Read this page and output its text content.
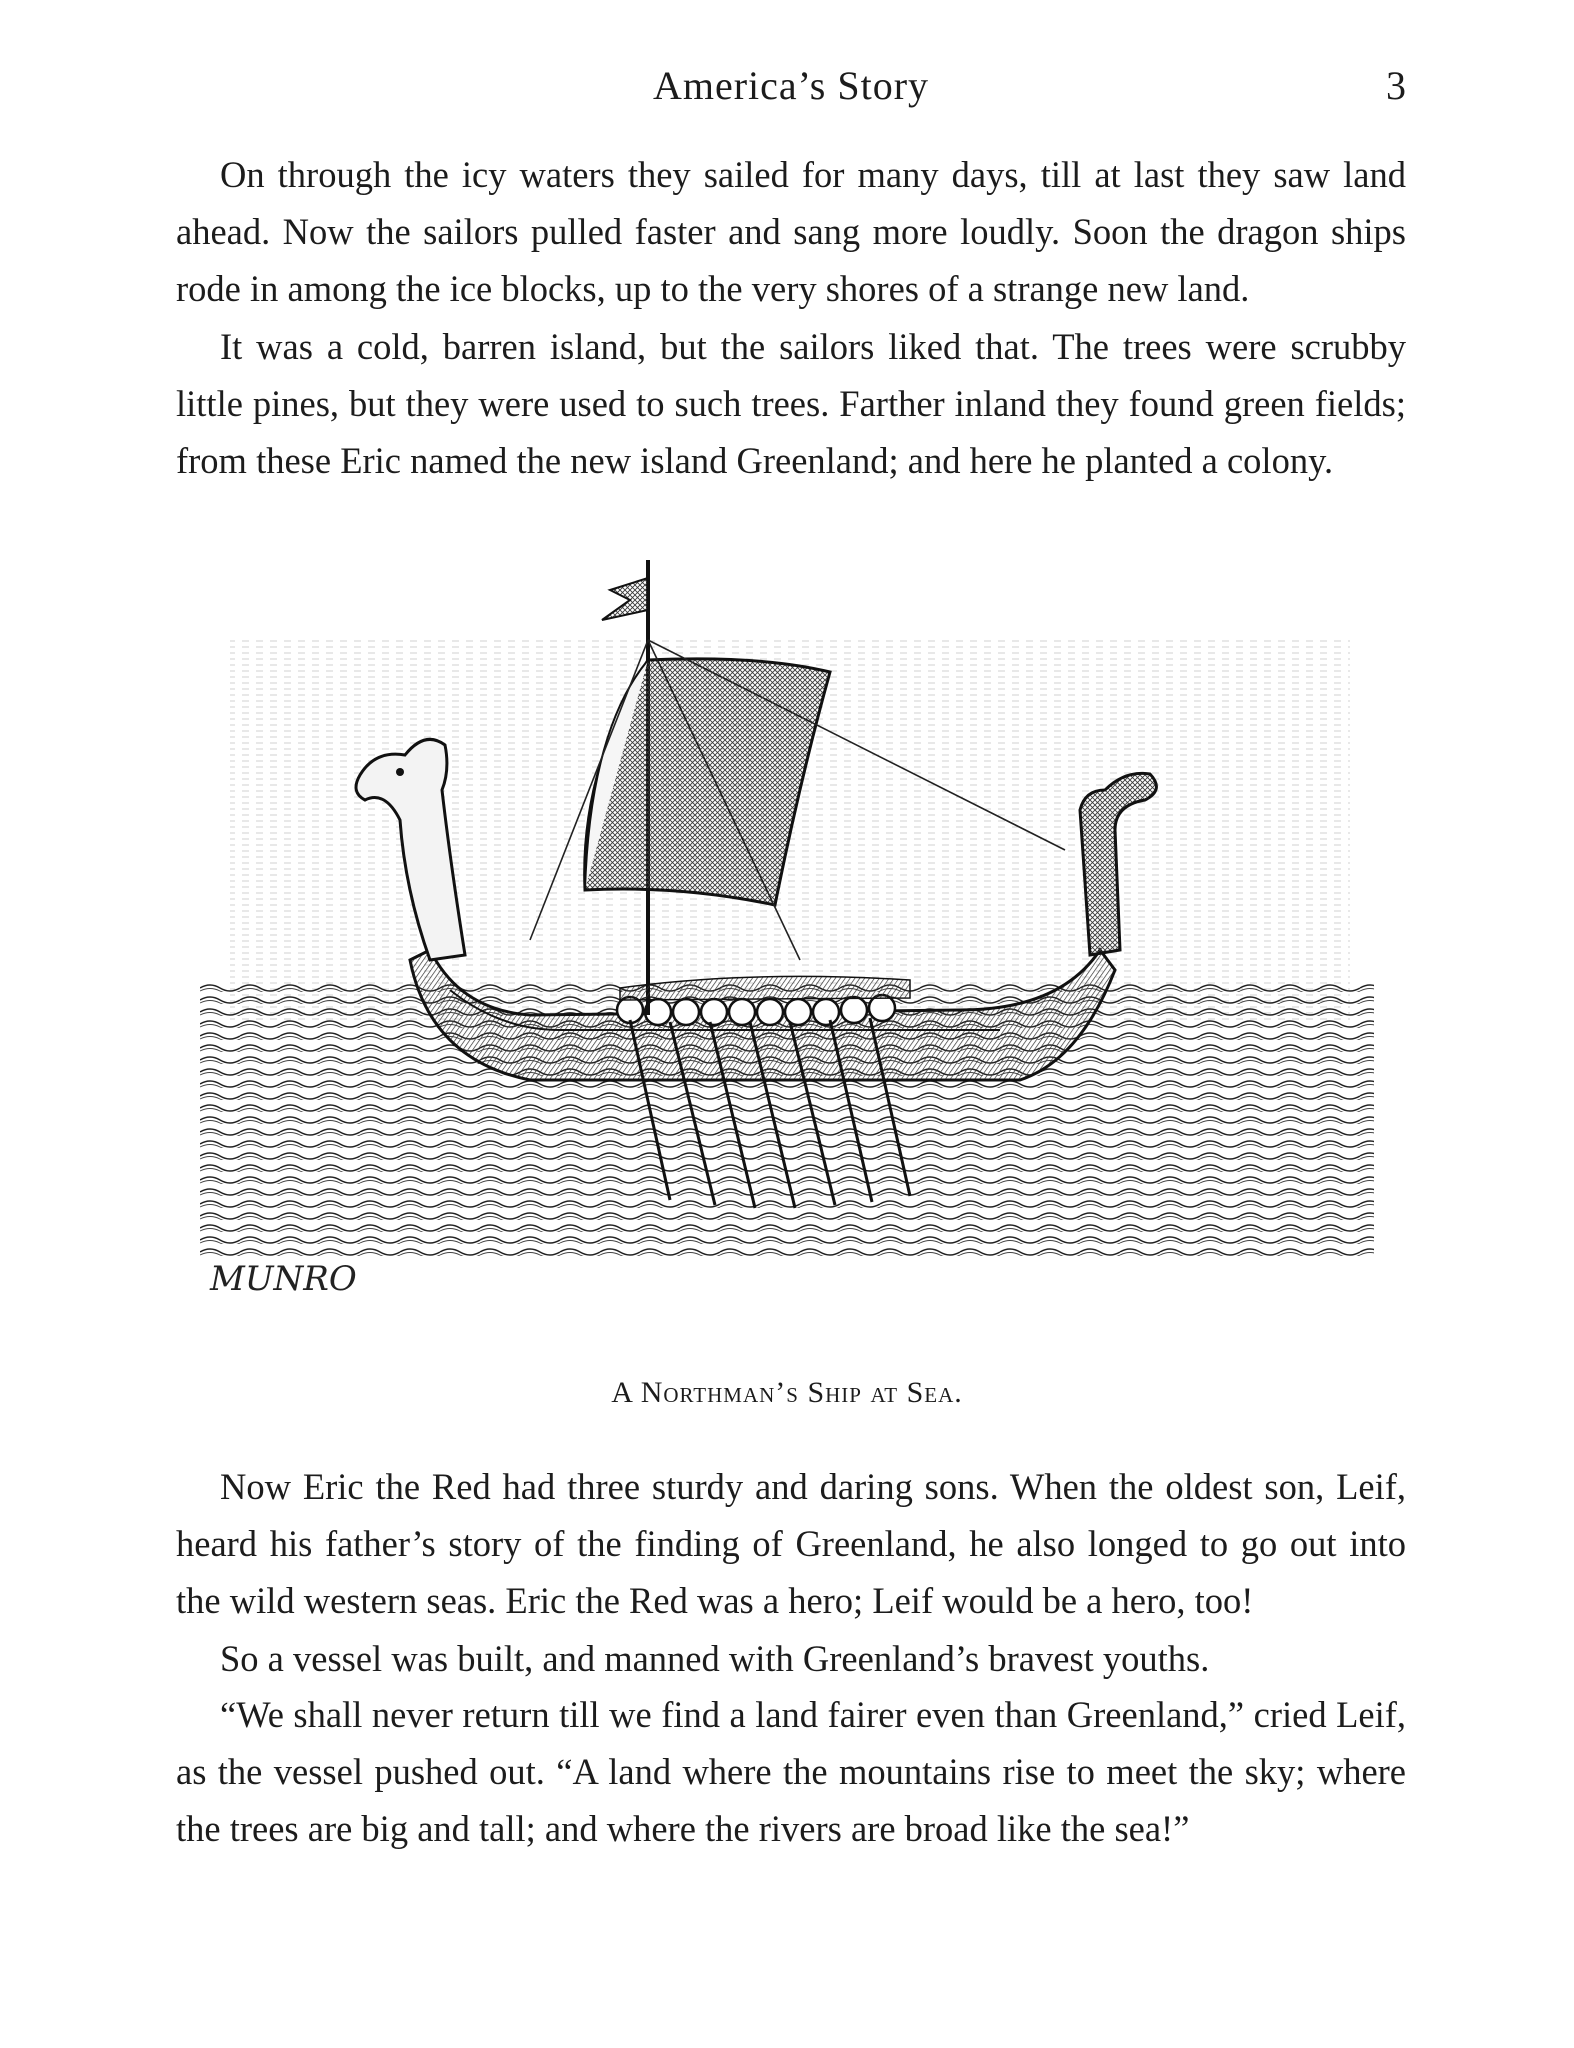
America’s Story	3

On through the icy waters they sailed for many days, till at last they saw land ahead. Now the sailors pulled faster and sang more loudly. Soon the dragon ships rode in among the ice blocks, up to the very shores of a strange new land.

It was a cold, barren island, but the sailors liked that. The trees were scrubby little pines, but they were used to such trees. Farther inland they found green fields; from these Eric named the new island Greenland; and here he planted a colony.

MUNRO
A Northman’s Ship at Sea.

Now Eric the Red had three sturdy and daring sons. When the oldest son, Leif, heard his father’s story of the finding of Greenland, he also longed to go out into the wild western seas. Eric the Red was a hero; Leif would be a hero, too!

So a vessel was built, and manned with Greenland’s bravest youths.

“We shall never return till we find a land fairer even than Greenland,” cried Leif, as the vessel pushed out. “A land where the mountains rise to meet the sky; where the trees are big and tall; and where the rivers are broad like the sea!”
